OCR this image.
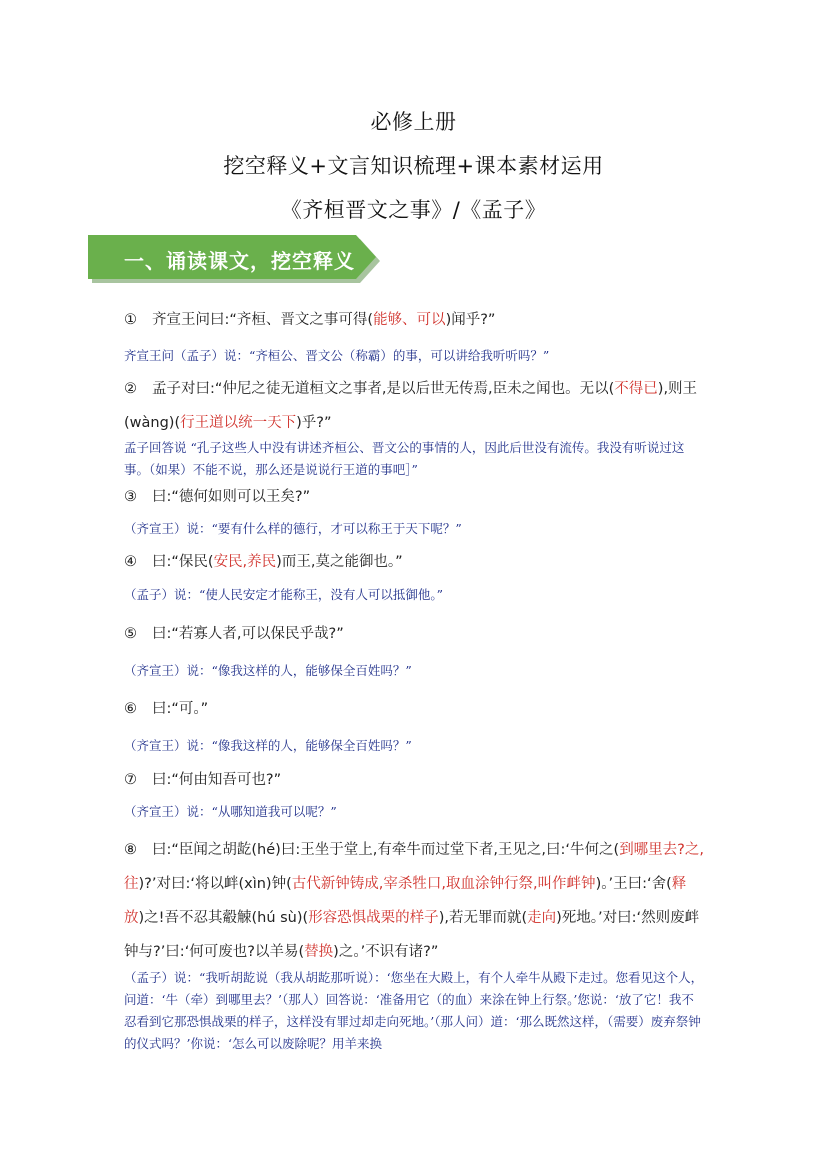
必修上册
挖空释义+文言知识梳理+课本素材运用
《齐桓晋文之事》/《孟子》
一、诵读课文，挖空释义
① 齐宣王问曰:“齐桓、晋文之事可得(能够、可以)闻乎?”
齐宣王问（孟子）说：“齐桓公、晋文公（称霸）的事，可以讲给我听听吗？”
② 孟子对曰:“仲尼之徒无道桓文之事者,是以后世无传焉,臣未之闻也。无以(不得已),则王(wàng)(行王道以统一天下)乎?”
孟子回答说 “孔子这些人中没有讲述齐桓公、晋文公的事情的人，因此后世没有流传。我没有听说过这事。（如果）不能不说，那么还是说说行王道的事吧］”
③ 曰:“德何如则可以王矣?”
（齐宣王）说：“要有什么样的德行，才可以称王于天下呢？”
④ 曰:“保民(安民,养民)而王,莫之能御也。”
（孟子）说：“使人民安定才能称王，没有人可以抵御他。”
⑤ 曰:“若寡人者,可以保民乎哉?”
（齐宣王）说：“像我这样的人，能够保全百姓吗？”
⑥ 曰:“可。”
（齐宣王）说：“像我这样的人，能够保全百姓吗？”
⑦ 曰:“何由知吾可也?”
（齐宣王）说：“从哪知道我可以呢？”
⑧ 曰:“臣闻之胡龁(hé)曰:王坐于堂上,有牵牛而过堂下者,王见之,曰:‘牛何之(到哪里去?之,往)?’对曰:‘将以衅(xìn)钟(古代新钟铸成,宰杀牲口,取血涂钟行祭,叫作衅钟)。’王曰:‘舍(释放)之!吾不忍其觳觫(hú sù)(形容恐惧战栗的样子),若无罪而就(走向)死地。’对曰:‘然则废衅钟与?’曰:‘何可废也?以羊易(替换)之。’不识有诸?”
（孟子）说：“我听胡龁说（我从胡龁那听说）：‘您坐在大殿上，有个人牵牛从殿下走过。您看见这个人，问道：‘牛（牵）到哪里去？’（那人）回答说：‘准备用它（的血）来涂在钟上行祭。’您说：‘放了它！我不忍看到它那恐惧战栗的样子，这样没有罪过却走向死地。’（那人问）道：‘那么既然这样，（需要）废弃祭钟的仪式吗？’你说：‘怎么可以废除呢？用羊来换
